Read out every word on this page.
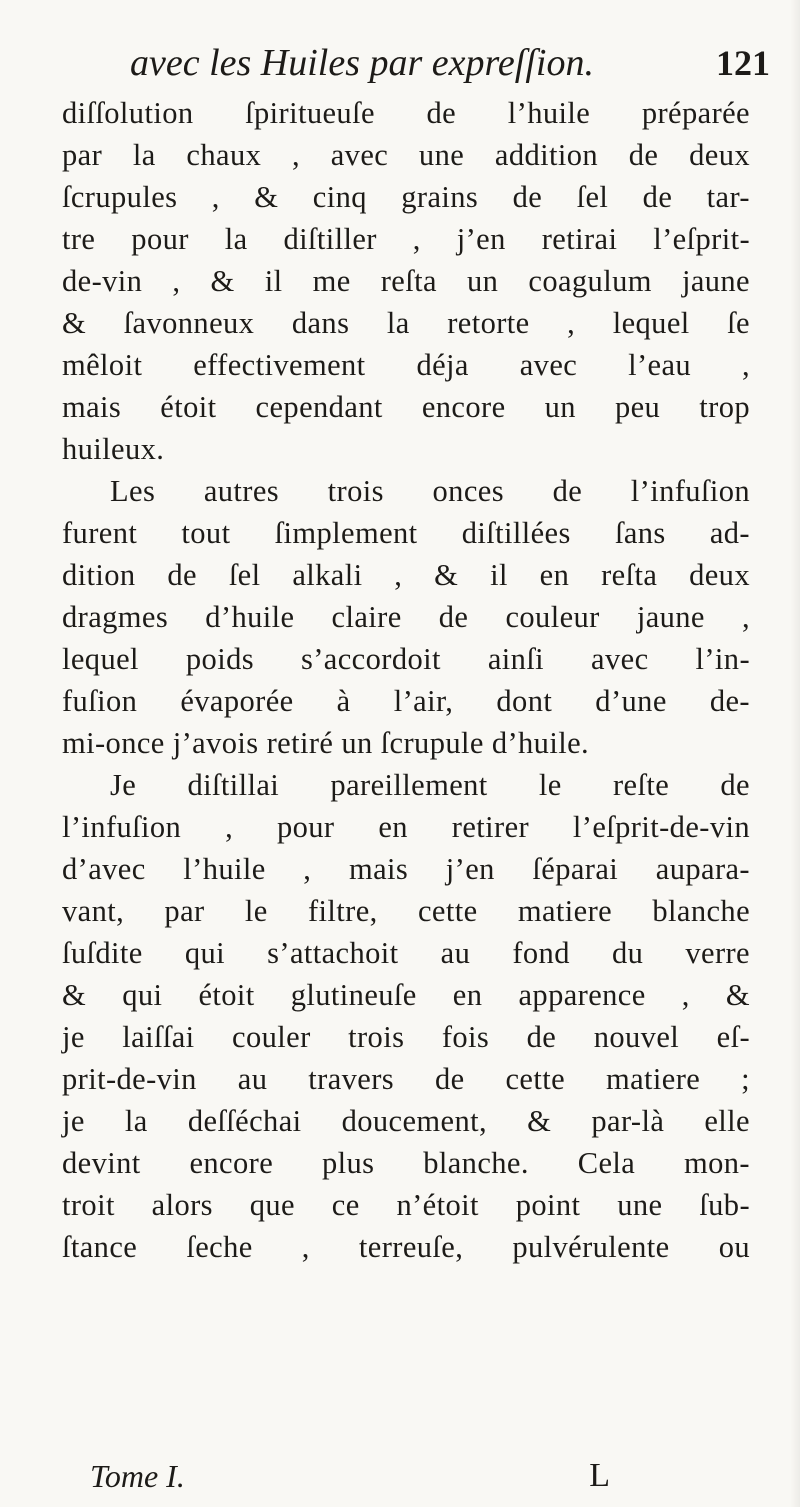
avec les Huiles par expreſſion.	121
diſſolution ſpiritueuſe de l’huile préparée
par la chaux , avec une addition de deux
ſcrupules , & cinq grains de ſel de tar-
tre pour la diſtiller , j’en retirai l’eſprit-
de-vin , & il me reſta un coagulum jaune
& ſavonneux dans la retorte , lequel ſe
mêloit effectivement déja avec l’eau ,
mais étoit cependant encore un peu trop
huileux.
Les autres trois onces de l’infuſion
furent tout ſimplement diſtillées ſans ad-
dition de ſel alkali , & il en reſta deux
dragmes d’huile claire de couleur jaune ,
lequel poids s’accordoit ainſi avec l’in-
fuſion évaporée à l’air, dont d’une de-
mi-once j’avois retiré un ſcrupule d’huile.
Je diſtillai pareillement le reſte de
l’infuſion , pour en retirer l’eſprit-de-vin
d’avec l’huile , mais j’en ſéparai aupara-
vant, par le filtre, cette matiere blanche
ſuſdite qui s’attachoit au fond du verre
& qui étoit glutineuſe en apparence , &
je laiſſai couler trois fois de nouvel eſ-
prit-de-vin au travers de cette matiere ;
je la deſſéchai doucement, & par-là elle
devint encore plus blanche. Cela mon-
troit alors que ce n’étoit point une ſub-
ſtance ſeche , terreuſe, pulvérulente ou
Tome I.	L
